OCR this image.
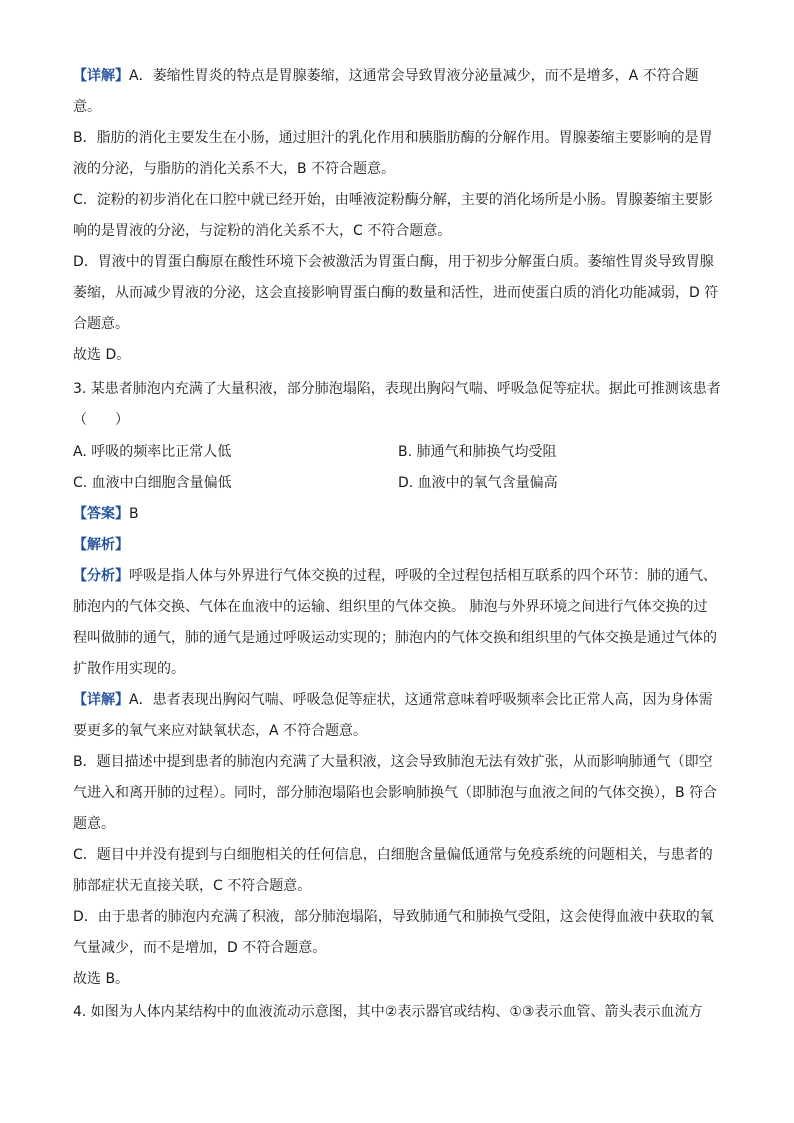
【详解】A．萎缩性胃炎的特点是胃腺萎缩，这通常会导致胃液分泌量减少，而不是增多，A 不符合题
意。
B．脂肪的消化主要发生在小肠，通过胆汁的乳化作用和胰脂肪酶的分解作用。胃腺萎缩主要影响的是胃
液的分泌，与脂肪的消化关系不大，B 不符合题意。
C．淀粉的初步消化在口腔中就已经开始，由唾液淀粉酶分解，主要的消化场所是小肠。胃腺萎缩主要影
响的是胃液的分泌，与淀粉的消化关系不大，C 不符合题意。
D．胃液中的胃蛋白酶原在酸性环境下会被激活为胃蛋白酶，用于初步分解蛋白质。萎缩性胃炎导致胃腺
萎缩，从而减少胃液的分泌，这会直接影响胃蛋白酶的数量和活性，进而使蛋白质的消化功能减弱，D 符
合题意。
故选 D。
3. 某患者肺泡内充满了大量积液，部分肺泡塌陷，表现出胸闷气喘、呼吸急促等症状。据此可推测该患者
（　　）
A. 呼吸的频率比正常人低	B. 肺通气和肺换气均受阻
C. 血液中白细胞含量偏低	D. 血液中的氧气含量偏高
【答案】B
【解析】
【分析】呼吸是指人体与外界进行气体交换的过程，呼吸的全过程包括相互联系的四个环节：肺的通气、
肺泡内的气体交换、气体在血液中的运输、组织里的气体交换。 肺泡与外界环境之间进行气体交换的过
程叫做肺的通气，肺的通气是通过呼吸运动实现的；肺泡内的气体交换和组织里的气体交换是通过气体的
扩散作用实现的。
【详解】A．患者表现出胸闷气喘、呼吸急促等症状，这通常意味着呼吸频率会比正常人高，因为身体需
要更多的氧气来应对缺氧状态，A 不符合题意。
B．题目描述中提到患者的肺泡内充满了大量积液，这会导致肺泡无法有效扩张，从而影响肺通气（即空
气进入和离开肺的过程）。同时，部分肺泡塌陷也会影响肺换气（即肺泡与血液之间的气体交换），B 符合
题意。
C．题目中并没有提到与白细胞相关的任何信息，白细胞含量偏低通常与免疫系统的问题相关，与患者的
肺部症状无直接关联，C 不符合题意。
D．由于患者的肺泡内充满了积液，部分肺泡塌陷，导致肺通气和肺换气受阻，这会使得血液中获取的氧
气量减少，而不是增加，D 不符合题意。
故选 B。
4. 如图为人体内某结构中的血液流动示意图，其中②表示器官或结构、①③表示血管、箭头表示血流方
